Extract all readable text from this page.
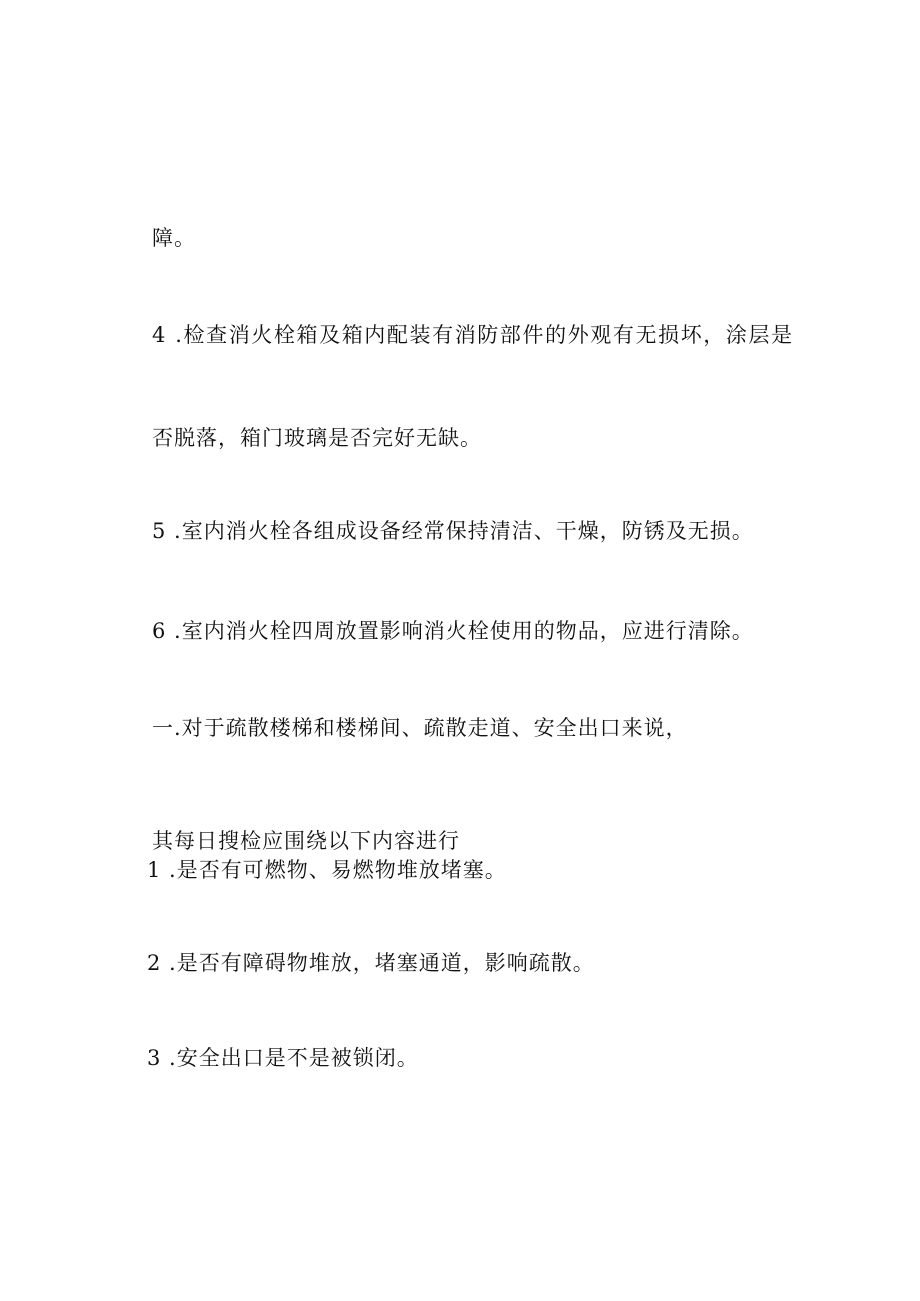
障。
4 .检查消火栓箱及箱内配装有消防部件的外观有无损坏，涂层是
否脱落，箱门玻璃是否完好无缺。
5 .室内消火栓各组成设备经常保持清洁、干燥，防锈及无损。
6 .室内消火栓四周放置影响消火栓使用的物品，应进行清除。
一.对于疏散楼梯和楼梯间、疏散走道、安全出口来说，
其每日搜检应围绕以下内容进行
1 .是否有可燃物、易燃物堆放堵塞。
2 .是否有障碍物堆放，堵塞通道，影响疏散。
3 .安全出口是不是被锁闭。
